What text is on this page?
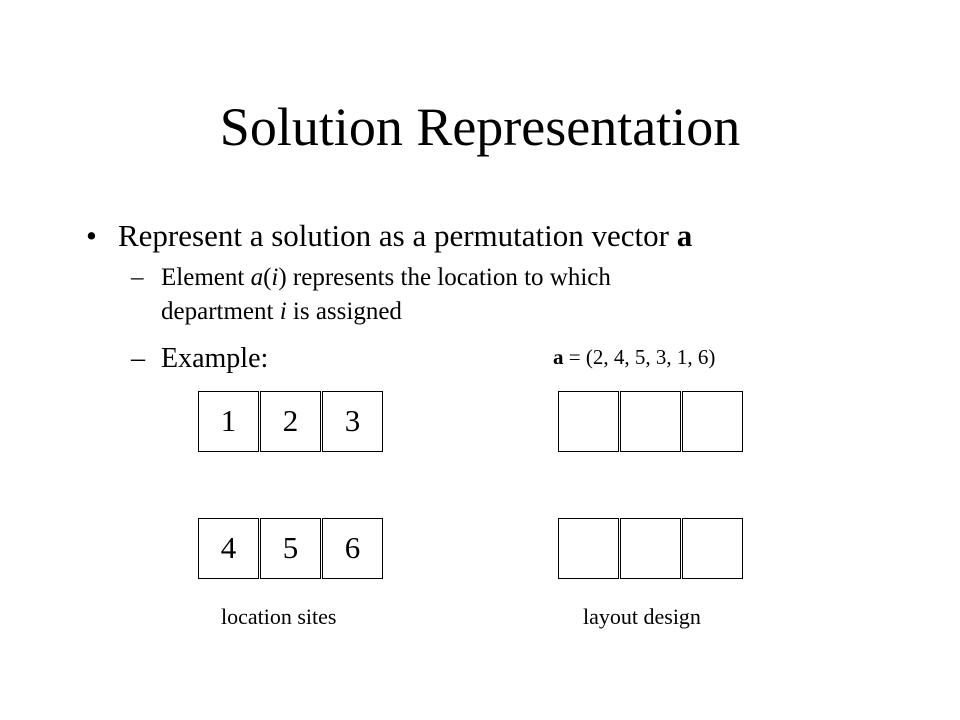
Solution Representation
• Represent a solution as a permutation vector a
– Element a(i) represents the location to which
department i is assigned
– Example:	a = (2, 4, 5, 3, 1, 6)
1	2	3
4	5	6
location sites	layout design
